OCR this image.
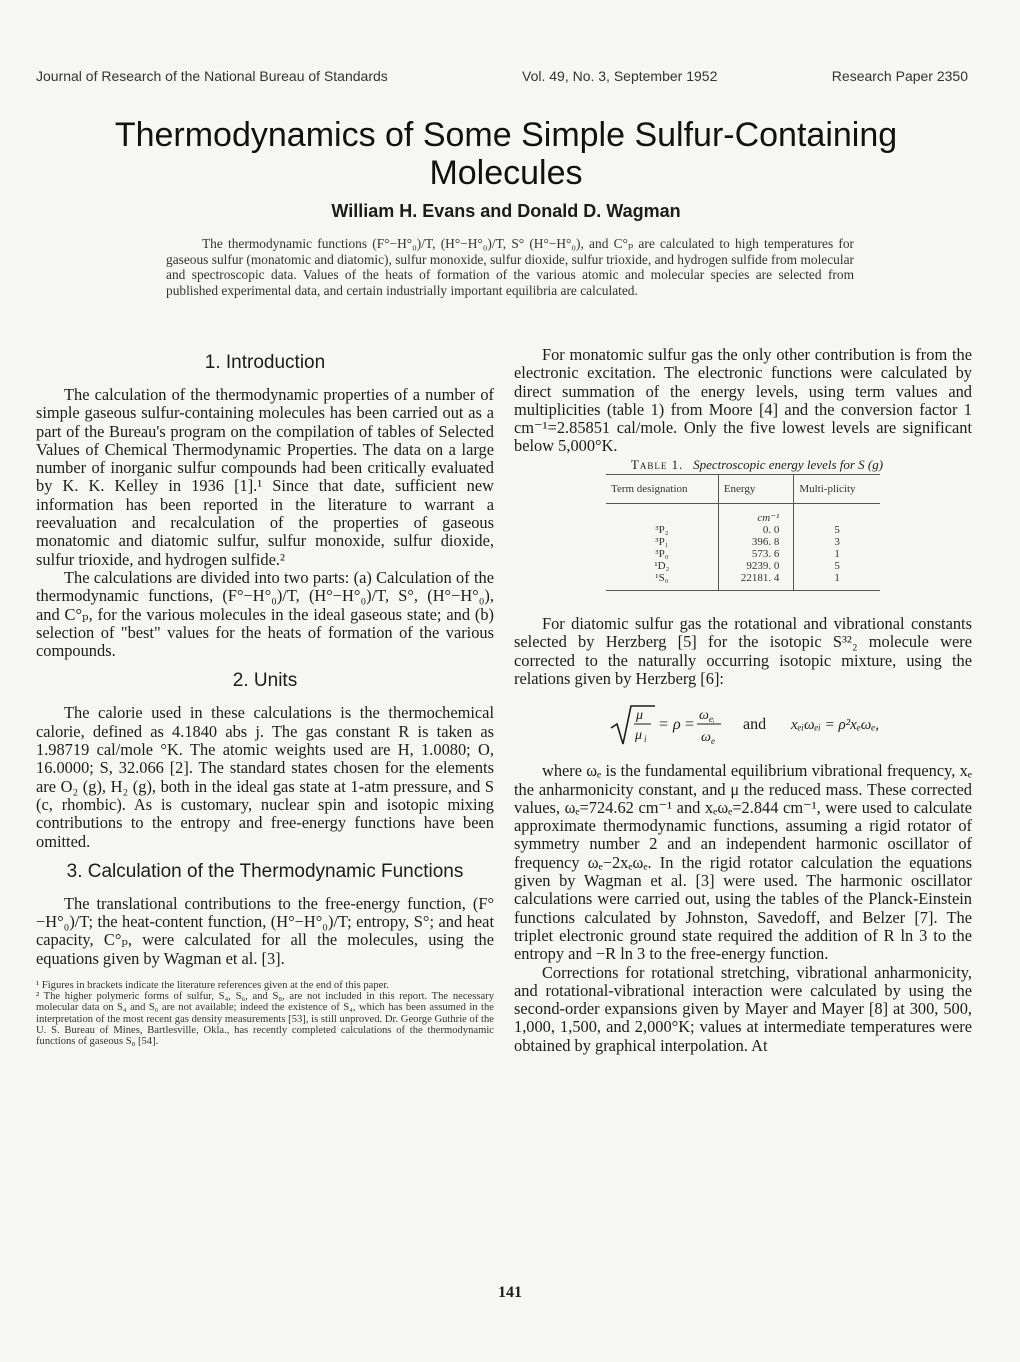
Journal of Research of the National Bureau of Standards	Vol. 49, No. 3, September 1952	Research Paper 2350
Thermodynamics of Some Simple Sulfur-Containing
Molecules
William H. Evans and Donald D. Wagman

The thermodynamic functions (F°−H°₀)/T, (H°−H°₀)/T, S° (H°−H°₀), and C°ₚ are calculated to high temperatures for gaseous sulfur (monatomic and diatomic), sulfur monoxide, sulfur dioxide, sulfur trioxide, and hydrogen sulfide from molecular and spectroscopic data. Values of the heats of formation of the various atomic and molecular species are selected from published experimental data, and certain industrially important equilibria are calculated.

1. Introduction

The calculation of the thermodynamic properties of a number of simple gaseous sulfur-containing molecules has been carried out as a part of the Bureau's program on the compilation of tables of Selected Values of Chemical Thermodynamic Properties. The data on a large number of inorganic sulfur compounds had been critically evaluated by K. K. Kelley in 1936 [1].¹ Since that date, sufficient new information has been reported in the literature to warrant a reevaluation and recalculation of the properties of gaseous monatomic and diatomic sulfur, sulfur monoxide, sulfur dioxide, sulfur trioxide, and hydrogen sulfide.²

The calculations are divided into two parts: (a) Calculation of the thermodynamic functions, (F°−H°₀)/T, (H°−H°₀)/T, S°, (H°−H°₀), and C°ₚ, for the various molecules in the ideal gaseous state; and (b) selection of "best" values for the heats of formation of the various compounds.

2. Units

The calorie used in these calculations is the thermochemical calorie, defined as 4.1840 abs j. The gas constant R is taken as 1.98719 cal/mole °K. The atomic weights used are H, 1.0080; O, 16.0000; S, 32.066 [2]. The standard states chosen for the elements are O₂ (g), H₂ (g), both in the ideal gas state at 1-atm pressure, and S (c, rhombic). As is customary, nuclear spin and isotopic mixing contributions to the entropy and free-energy functions have been omitted.

3. Calculation of the Thermodynamic Functions

The translational contributions to the free-energy function, (F°−H°₀)/T; the heat-content function, (H°−H°₀)/T; entropy, S°; and heat capacity, C°ₚ, were calculated for all the molecules, using the equations given by Wagman et al. [3].

¹ Figures in brackets indicate the literature references given at the end of this paper.

² The higher polymeric forms of sulfur, S₄, S₆, and S₈, are not included in this report. The necessary molecular data on S₄ and S₆ are not available; indeed the existence of S₄, which has been assumed in the interpretation of the most recent gas density measurements [53], is still unproved. Dr. George Guthrie of the U. S. Bureau of Mines, Bartlesville, Okla., has recently completed calculations of the thermodynamic functions of gaseous S₈ [54].

For monatomic sulfur gas the only other contribution is from the electronic excitation. The electronic functions were calculated by direct summation of the energy levels, using term values and multiplicities (table 1) from Moore [4] and the conversion factor 1 cm⁻¹=2.85851 cal/mole. Only the five lowest levels are significant below 5,000°K.

Table 1. Spectroscopic energy levels for S (g)

Term designation	Energy	Multi-plicity
	cm⁻¹	
³P₂	0. 0	5
³P₁	396. 8	3
³P₀	573. 6	1
¹D₂	9239. 0	5
¹S₀	22181. 4	1

For diatomic sulfur gas the rotational and vibrational constants selected by Herzberg [5] for the isotopic S³²₂ molecule were corrected to the naturally occurring isotopic mixture, using the relations given by Herzberg [6]:

μ
μ i
= ρ =
ω eᵢ
ω e
and xₑᵢωₑᵢ = ρ²xₑωₑ,

where ωₑ is the fundamental equilibrium vibrational frequency, xₑ the anharmonicity constant, and μ the reduced mass. These corrected values, ωₑ=724.62 cm⁻¹ and xₑωₑ=2.844 cm⁻¹, were used to calculate approximate thermodynamic functions, assuming a rigid rotator of symmetry number 2 and an independent harmonic oscillator of frequency ωₑ−2xₑωₑ. In the rigid rotator calculation the equations given by Wagman et al. [3] were used. The harmonic oscillator calculations were carried out, using the tables of the Planck-Einstein functions calculated by Johnston, Savedoff, and Belzer [7]. The triplet electronic ground state required the addition of R ln 3 to the entropy and −R ln 3 to the free-energy function.

Corrections for rotational stretching, vibrational anharmonicity, and rotational-vibrational interaction were calculated by using the second-order expansions given by Mayer and Mayer [8] at 300, 500, 1,000, 1,500, and 2,000°K; values at intermediate temperatures were obtained by graphical interpolation. At

141
